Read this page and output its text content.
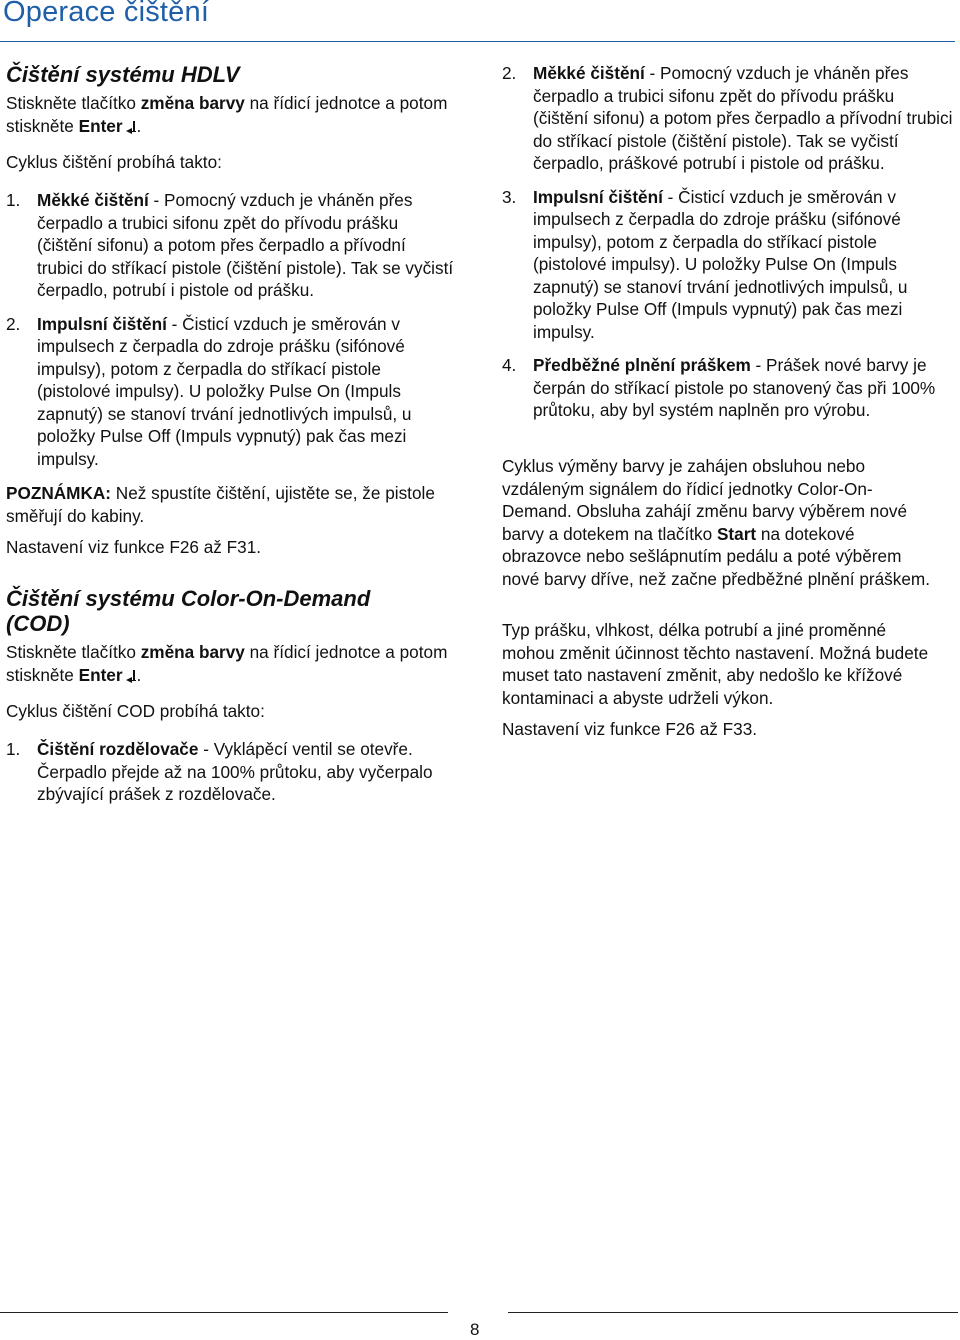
Operace čištění
Čištění systému HDLV

Stiskněte tlačítko změna barvy na řídicí jednotce a potom stiskněte Enter .

Cyklus čištění probíhá takto:

1. Měkké čištění - Pomocný vzduch je vháněn přes čerpadlo a trubici sifonu zpět do přívodu prášku (čištění sifonu) a potom přes čerpadlo a přívodní trubici do stříkací pistole (čištění pistole). Tak se vyčistí čerpadlo, potrubí i pistole od prášku.
2. Impulsní čištění - Čisticí vzduch je směrován v impulsech z čerpadla do zdroje prášku (sifónové impulsy), potom z čerpadla do stříkací pistole (pistolové impulsy). U položky Pulse On (Impuls zapnutý) se stanoví trvání jednotlivých impulsů, u položky Pulse Off (Impuls vypnutý) pak čas mezi impulsy.

POZNÁMKA: Než spustíte čištění, ujistěte se, že pistole směřují do kabiny.

Nastavení viz funkce F26 až F31.

Čištění systému Color-On-Demand (COD)

Stiskněte tlačítko změna barvy na řídicí jednotce a potom stiskněte Enter .

Cyklus čištění COD probíhá takto:

1. Čištění rozdělovače - Vyklápěcí ventil se otevře. Čerpadlo přejde až na 100% průtoku, aby vyčerpalo zbývající prášek z rozdělovače.
2. Měkké čištění - Pomocný vzduch je vháněn přes čerpadlo a trubici sifonu zpět do přívodu prášku (čištění sifonu) a potom přes čerpadlo a přívodní trubici do stříkací pistole (čištění pistole). Tak se vyčistí čerpadlo, práškové potrubí i pistole od prášku.
3. Impulsní čištění - Čisticí vzduch je směrován v impulsech z čerpadla do zdroje prášku (sifónové impulsy), potom z čerpadla do stříkací pistole (pistolové impulsy). U položky Pulse On (Impuls zapnutý) se stanoví trvání jednotlivých impulsů, u položky Pulse Off (Impuls vypnutý) pak čas mezi impulsy.
4. Předběžné plnění práškem - Prášek nové barvy je čerpán do stříkací pistole po stanovený čas při 100% průtoku, aby byl systém naplněn pro výrobu.

Cyklus výměny barvy je zahájen obsluhou nebo vzdáleným signálem do řídicí jednotky Color-On-Demand. Obsluha zahájí změnu barvy výběrem nové barvy a dotekem na tlačítko Start na dotekové obrazovce nebo sešlápnutím pedálu a poté výběrem nové barvy dříve, než začne předběžné plnění práškem.

Typ prášku, vlhkost, délka potrubí a jiné proměnné mohou změnit účinnost těchto nastavení. Možná budete muset tato nastavení změnit, aby nedošlo ke křížové kontaminaci a abyste udrželi výkon.

Nastavení viz funkce F26 až F33.

8
